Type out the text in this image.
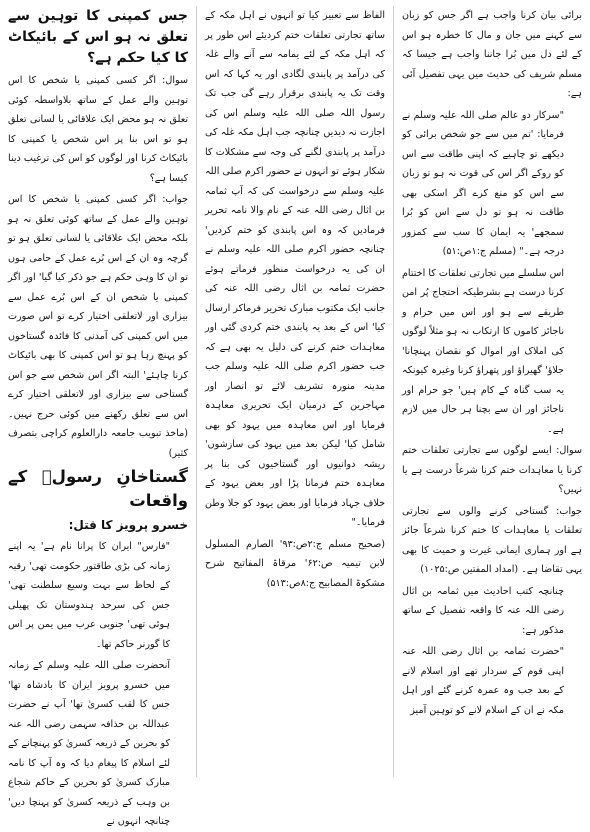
برائی بیان کرنا واجب ہے اگر جس کو زبان سے کہنے میں جان و مال کا خطرہ ہو اس کے لئے دل میں بُرا جاننا واجب ہے جیسا کہ مسلم شریف کی حدیث میں یہی تفصیل آئی ہے:

"سرکار دو عالم صلی اللہ علیہ وسلم نے فرمایا: 'تم میں سے جو شخص برائی کو دیکھے تو چاہیے کہ اپنی طاقت سے اس کو روکے اگر اس کی قوت نہ ہو تو زبان سے اس کو منع کرے اگر اسکی بھی طاقت نہ ہو تو دل سے اس کو بُرا سمجھے' یہ ایمان کا سب سے کمزور درجہ ہے۔" (مسلم ج:۱ص:۵۱)

اس سلسلے میں تجارتی تعلقات کا اختتام کرنا درست ہے بشرطیکہ احتجاج پُر امن طریقے سے ہو اور اس میں حرام و ناجائز کاموں کا ارتکاب نہ ہو مثلاً لوگوں کی املاک اور اموال کو نقصان پہنچانا' جلاؤ' گھیراؤ اور پتھراؤ کرنا وغیرہ کیونکہ یہ سب گناہ کے کام ہیں' جو حرام اور ناجائز اور ان سے بچنا ہر حال میں لازم ہے۔

سوال: ایسے لوگوں سے تجارتی تعلقات ختم کرنا یا معاہدات ختم کرنا شرعاً درست ہے یا نہیں؟

جواب: گستاخی کرنے والوں سے تجارتی تعلقات یا معاہدات کا ختم کرنا شرعاً جائز ہے اور ہماری ایمانی غیرت و حمیت کا بھی یہی تقاضا ہے۔ (امداد المفتین ص:۱۰۲۵)

چنانچہ کتب احادیث میں ثمامہ بن اثال رضی اللہ عنہ کا واقعہ تفصیل کے ساتھ مذکور ہے:

"حضرت ثمامہ بن اثال رضی اللہ عنہ اپنی قوم کے سردار تھے اور اسلام لانے کے بعد جب وہ عمرہ کرنے گئے اور اہل مکہ نے ان کے اسلام لانے کو توہین آمیز

الفاظ سے تعبیر کیا تو انہوں نے اہل مکہ کے ساتھ تجارتی تعلقات ختم کردیئے اس طور پر کہ اہل مکہ کے لئے یمامہ سے آنے والے غلہ کی درآمد پر پابندی لگادی اور یہ کہا کہ اس وقت تک یہ پابندی برقرار رہے گی جب تک رسول اللہ صلی اللہ علیہ وسلم اس کی اجازت نہ دیدیں چنانچہ جب اہل مکہ غلہ کی درآمد پر پابندی لگنے کی وجہ سے مشکلات کا شکار ہوئے تو انہوں نے حضور اکرم صلی اللہ علیہ وسلم سے درخواست کی کہ آپ ثمامہ بن اثال رضی اللہ عنہ کے نام والا نامہ تحریر فرمادیں کہ وہ اس پابندی کو ختم کردیں' چنانچہ حضور اکرم صلی اللہ علیہ وسلم نے ان کی یہ درخواست منظور فرماتے ہوئے حضرت ثمامہ بن اثال رضی اللہ عنہ کی جانب ایک مکتوب مبارک تحریر فرماکر ارسال کیا' اس کے بعد یہ پابندی ختم کردی گئی اور معاہدات ختم کرنے کی دلیل یہ بھی ہے کہ جب حضور اکرم صلی اللہ علیہ وسلم جب مدینہ منورہ تشریف لائے تو انصار اور مہاجرین کے درمیان ایک تحریری معاہدہ فرمایا اور اس معاہدہ میں یہود کو بھی شامل کیا' لیکن بعد میں یہود کی سازشوں' ریشہ دوانیوں اور گستاخیوں کی بنا پر معاہدہ ختم فرمانا پڑا اور بعض یہود کے خلاف جہاد فرمایا اور بعض یہود کو جلا وطن فرمایا۔"

(صحیح مسلم ج:۲ص:۹۳' الصارم المسلول لابن تیمیہ ص:۶۲' مرقاۃ المفاتیح شرح مشکوۃ المصابیح ج:۸ص:۵۱۳)

جس کمپنی کا توہین سے تعلق نہ ہو اس کے بائیکاٹ کا کیا حکم ہے؟

سوال: اگر کسی کمپنی یا شخص کا اس توہین والے عمل کے ساتھ بلاواسطہ کوئی تعلق نہ ہو محض ایک علاقائی یا لسانی تعلق ہو تو اس بنا پر اس شخص یا کمپنی کا بائیکاٹ کرنا اور لوگوں کو اس کی ترغیب دینا کیسا ہے؟

جواب: اگر کسی کمپنی یا شخص کا اس توہین والے عمل کے ساتھ کوئی تعلق نہ ہو بلکہ محض ایک علاقائی یا لسانی تعلق ہو تو گرچہ وہ ان کے اس بُرے عمل کے حامی ہوں تو ان کا وہی حکم ہے جو ذکر کیا گیا' اور اگر کمپنی یا شخص ان کے اس بُرے عمل سے بیزاری اور لاتعلقی اختیار کرے تو اس صورت میں اس کمپنی کی آمدنی کا فائدہ گستاخوں کو پہنچ رہا ہو تو اس کمپنی کا بھی بائیکاٹ کرنا چاہئے' البتہ اگر اس شخص سے جو اس گستاخی سے بیزاری اور لاتعلقی اختیار کرے اس سے تعلق رکھنے میں کوئی حرج نہیں۔ (ماخذ تبویب جامعہ دارالعلوم کراچی بتصرف کثیر)

گستاخانِ رسولؐ کے واقعات

خسرو پرویز کا قتل:

"فارس" ایران کا پرانا نام ہے' یہ اپنے زمانہ کی بڑی طاقتور حکومت تھی' رقبہ کے لحاظ سے بہت وسیع سلطنت تھی' جس کی سرحد ہندوستان تک پھیلی ہوئی تھی' جنوبی عرب میں یمن پر اس کا گورنر حاکم تھا۔

آنحضرت صلی اللہ علیہ وسلم کے زمانہ میں خسرو پرویز ایران کا بادشاہ تھا' جس کا لقب کسریٰ تھا' آپ نے حضرت عبداللہ بن حذافہ سہمی رضی اللہ عنہ کو بحرین کے ذریعہ کسریٰ کو پہنچانے کے لئے اسلام کا پیغام دیا کہ وہ آپ کا نامہ مبارک کسریٰ کو بحرین کے حاکم شجاع بن وہب کے ذریعہ کسریٰ کو پہنچا دیں' چنانچہ انہوں نے
